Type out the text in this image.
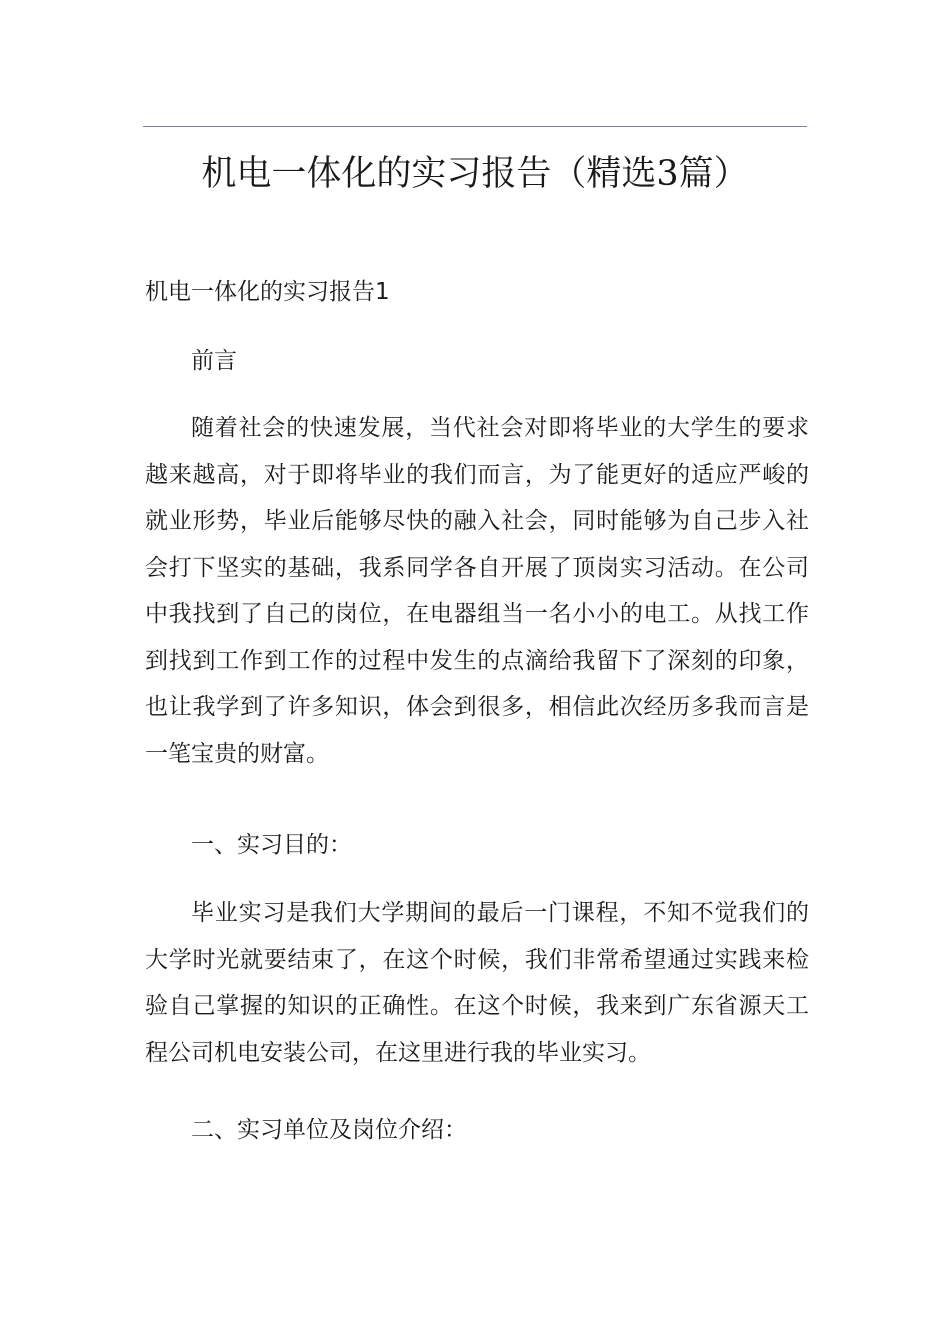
机电一体化的实习报告（精选3篇）
机电一体化的实习报告1

前言

随着社会的快速发展，当代社会对即将毕业的大学生的要求
越来越高，对于即将毕业的我们而言，为了能更好的适应严峻的
就业形势，毕业后能够尽快的融入社会，同时能够为自己步入社
会打下坚实的基础，我系同学各自开展了顶岗实习活动。在公司
中我找到了自己的岗位，在电器组当一名小小的电工。从找工作
到找到工作到工作的过程中发生的点滴给我留下了深刻的印象，
也让我学到了许多知识，体会到很多，相信此次经历多我而言是
一笔宝贵的财富。

一、实习目的：

毕业实习是我们大学期间的最后一门课程，不知不觉我们的
大学时光就要结束了，在这个时候，我们非常希望通过实践来检
验自己掌握的知识的正确性。在这个时候，我来到广东省源天工
程公司机电安装公司，在这里进行我的毕业实习。

二、实习单位及岗位介绍：
